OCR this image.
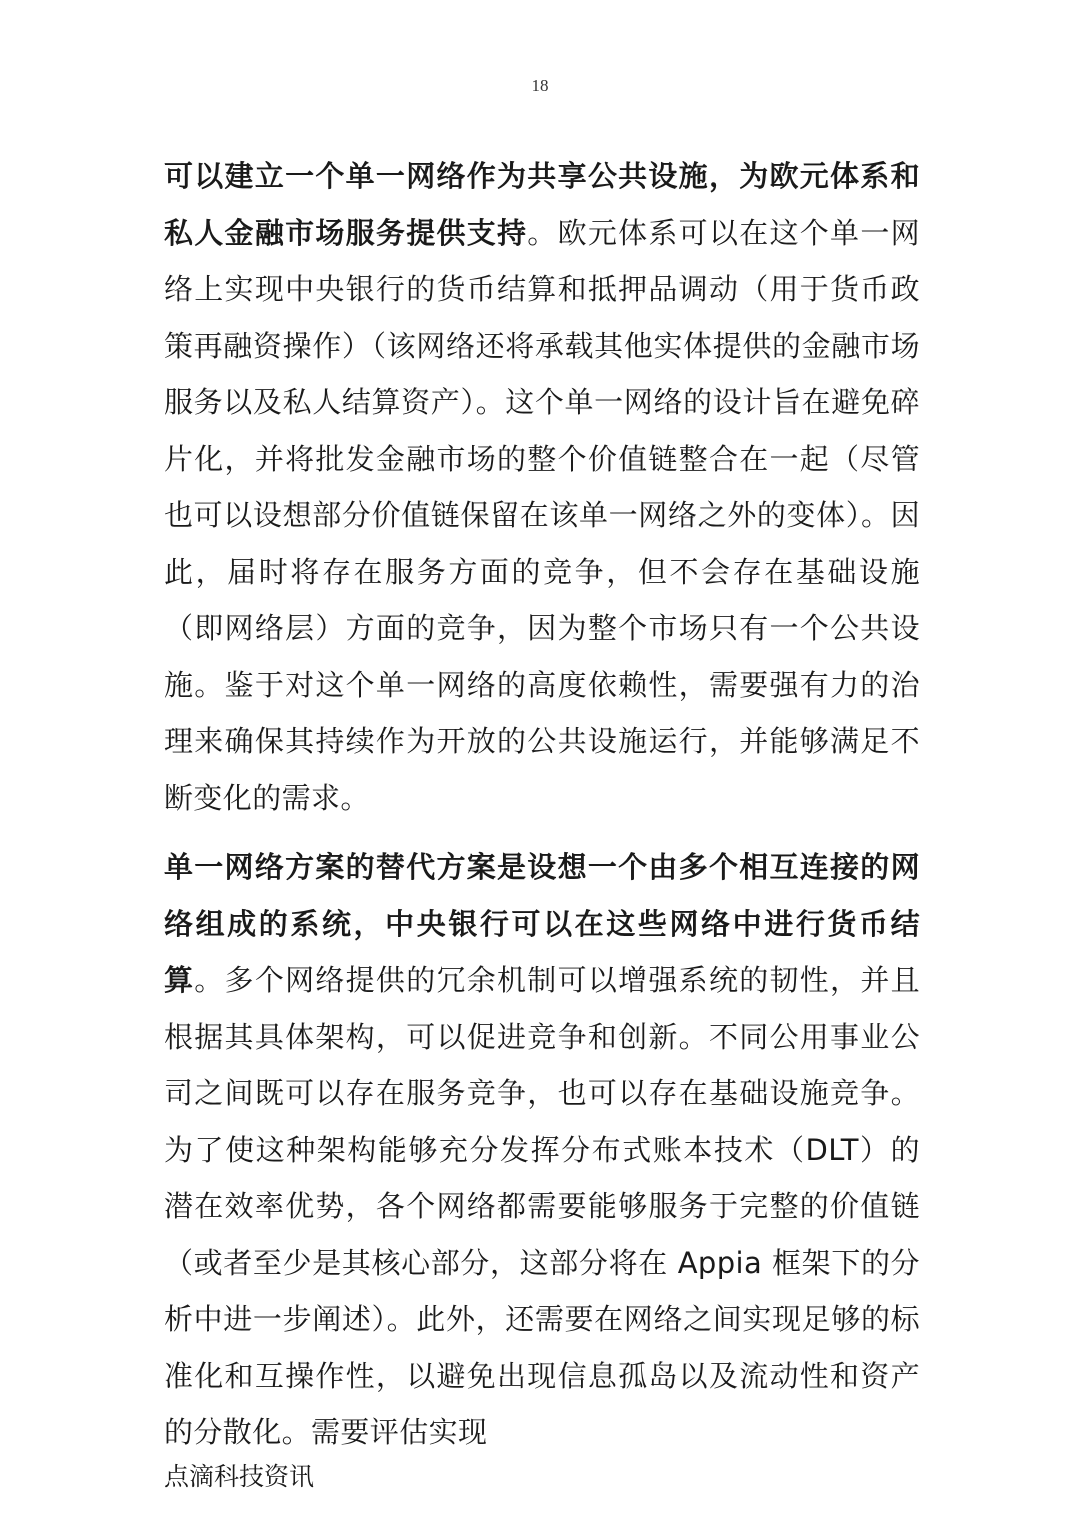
18

可以建立一个单一网络作为共享公共设施，为欧元体系和私人金融市场服务提供支持。欧元体系可以在这个单一网络上实现中央银行的货币结算和抵押品调动（用于货币政策再融资操作）（该网络还将承载其他实体提供的金融市场服务以及私人结算资产）。这个单一网络的设计旨在避免碎片化，并将批发金融市场的整个价值链整合在一起（尽管也可以设想部分价值链保留在该单一网络之外的变体）。因此，届时将存在服务方面的竞争，但不会存在基础设施（即网络层）方面的竞争，因为整个市场只有一个公共设施。鉴于对这个单一网络的高度依赖性，需要强有力的治理来确保其持续作为开放的公共设施运行，并能够满足不断变化的需求。

单一网络方案的替代方案是设想一个由多个相互连接的网络组成的系统，中央银行可以在这些网络中进行货币结算。多个网络提供的冗余机制可以增强系统的韧性，并且根据其具体架构，可以促进竞争和创新。不同公用事业公司之间既可以存在服务竞争，也可以存在基础设施竞争。为了使这种架构能够充分发挥分布式账本技术（DLT）的潜在效率优势，各个网络都需要能够服务于完整的价值链（或者至少是其核心部分，这部分将在 Appia 框架下的分析中进一步阐述）。此外，还需要在网络之间实现足够的标准化和互操作性，以避免出现信息孤岛以及流动性和资产的分散化。需要评估实现

点滴科技资讯
